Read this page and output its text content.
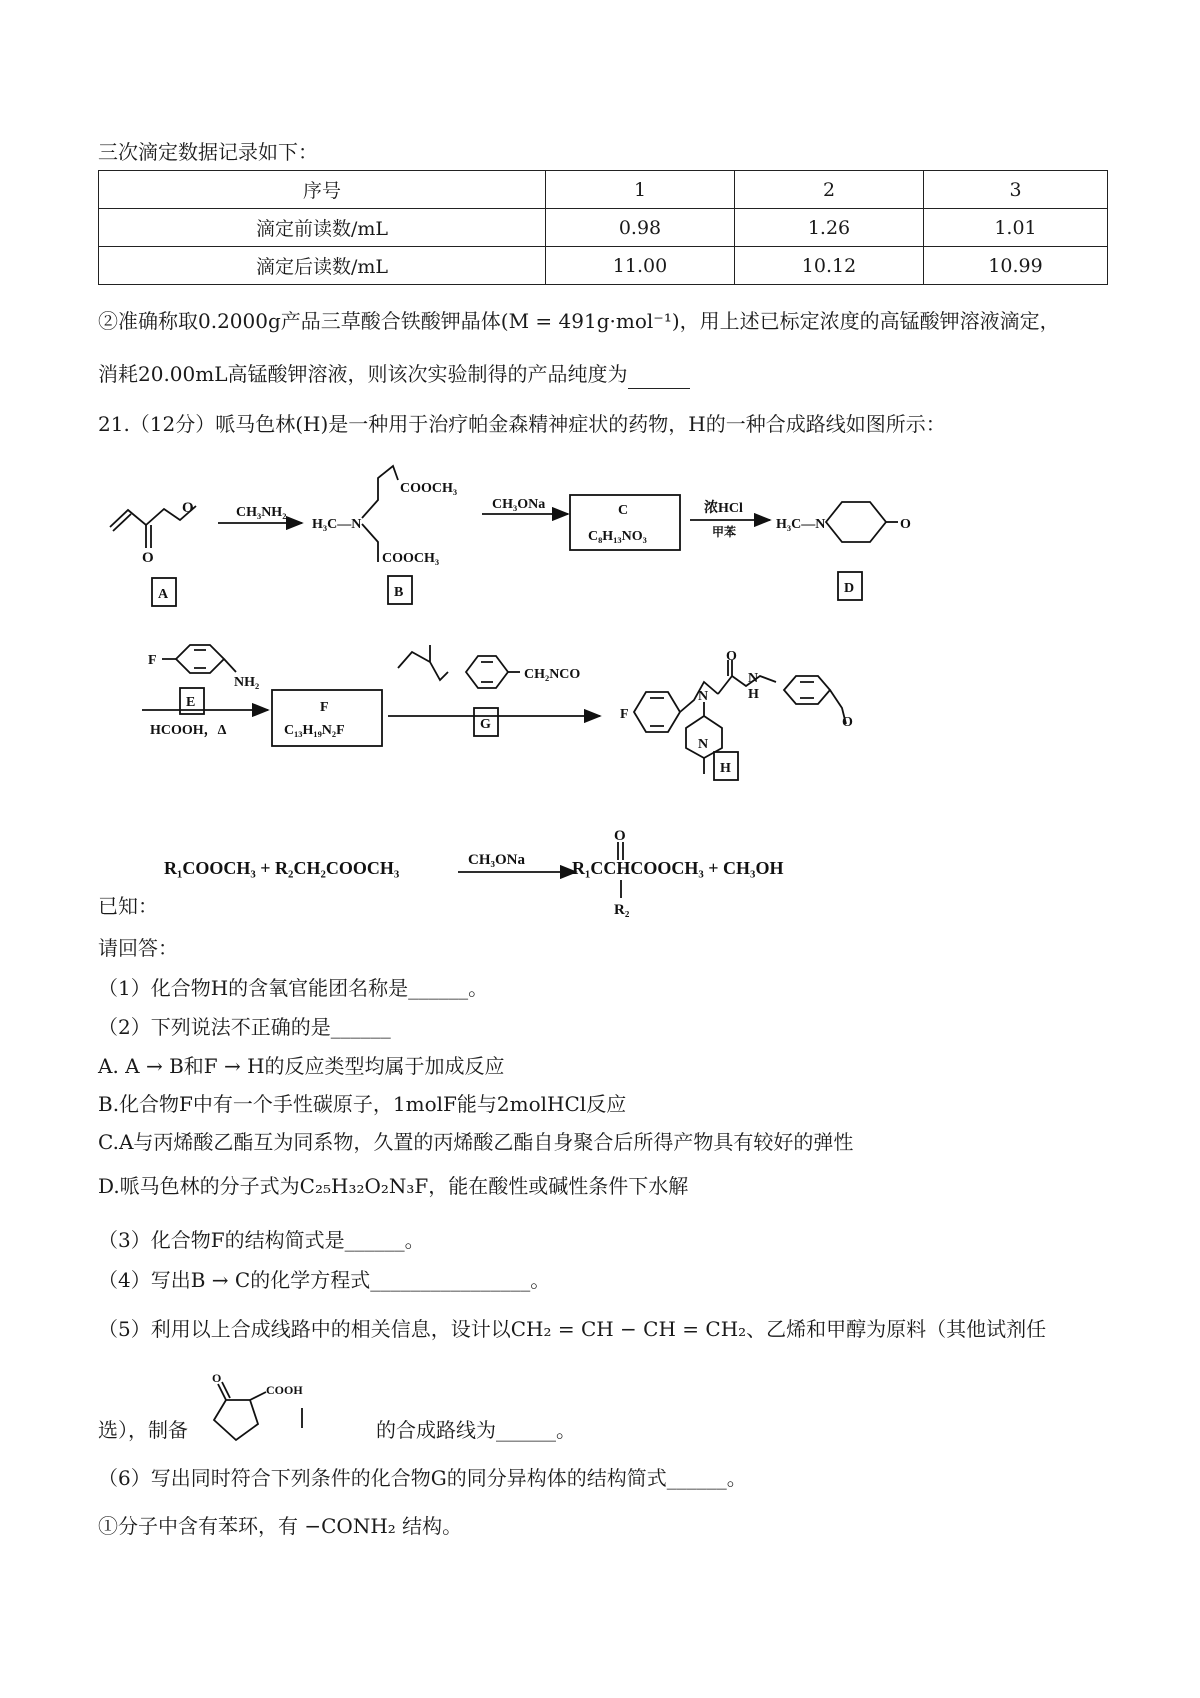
三次滴定数据记录如下：
序号	1	2	3
滴定前读数/mL	0.98	1.26	1.01
滴定后读数/mL	11.00	10.12	10.99
②准确称取0.2000g产品三草酸合铁酸钾晶体(M = 491g·mol⁻¹)，用上述已标定浓度的高锰酸钾溶液滴定，
消耗20.00mL高锰酸钾溶液，则该次实验制得的产品纯度为
21.（12分）哌马色林(H)是一种用于治疗帕金森精神症状的药物，H的一种合成路线如图所示：
O
O	CH₃NH₂
H₃C—N
COOCH₃
COOCH₃
CH₃ONa	C
C₈H₁₃NO₃
浓HCl
甲苯	H₃C—N	O
A	B	D
F
NH₂
E
HCOOH，Δ
F
C₁₃H₁₉N₂F
CH₂NCO
G
F
N
O
N
H
N
O
H
R₁COOCH₃ + R₂CH₂COOCH₃	CH₃ONa	R₁CCHCOOCH₃ + CH₃OH
O
R₂
O
COOH
已知：
请回答：
（1）化合物H的含氧官能团名称是______。
（2）下列说法不正确的是______
A. A → B和F → H的反应类型均属于加成反应
B.化合物F中有一个手性碳原子，1molF能与2molHCl反应
C.A与丙烯酸乙酯互为同系物，久置的丙烯酸乙酯自身聚合后所得产物具有较好的弹性
D.哌马色林的分子式为C₂₅H₃₂O₂N₃F，能在酸性或碱性条件下水解
（3）化合物F的结构简式是______。
（4）写出B → C的化学方程式________________。
（5）利用以上合成线路中的相关信息，设计以CH₂ = CH − CH = CH₂、乙烯和甲醇为原料（其他试剂任
选），制备	的合成路线为______。
（6）写出同时符合下列条件的化合物G的同分异构体的结构简式______。
①分子中含有苯环，有 −CONH₂ 结构。
